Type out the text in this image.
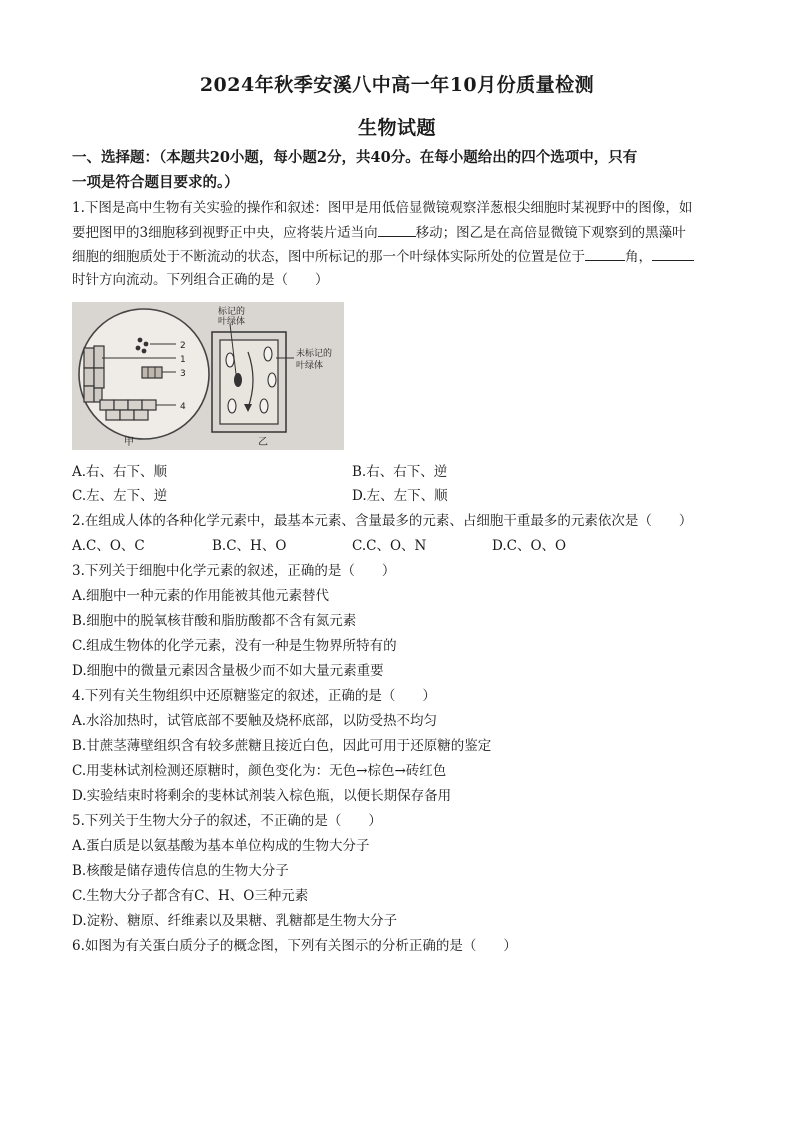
2024年秋季安溪八中高一年10月份质量检测
生物试题
一、选择题：（本题共20小题，每小题2分，共40分。在每小题给出的四个选项中，只有
一项是符合题目要求的。）
1.下图是高中生物有关实验的操作和叙述：图甲是用低倍显微镜观察洋葱根尖细胞时某视野中的图像，如
要把图甲的3细胞移到视野正中央，应将装片适当向	移动；图乙是在高倍显微镜下观察到的黑藻叶
细胞的细胞质处于不断流动的状态，图中所标记的那一个叶绿体实际所处的位置是位于	角，
时针方向流动。下列组合正确的是（　　）
2
1
3
4
甲
标记的
叶绿体
未标记的
叶绿体
乙
A.右、右下、顺	B.右、右下、逆
C.左、左下、逆	D.左、左下、顺
2.在组成人体的各种化学元素中，最基本元素、含量最多的元素、占细胞干重最多的元素依次是（　　）
A.C、O、C	B.C、H、O	C.C、O、N	D.C、O、O
3.下列关于细胞中化学元素的叙述，正确的是（　　）
A.细胞中一种元素的作用能被其他元素替代
B.细胞中的脱氧核苷酸和脂肪酸都不含有氮元素
C.组成生物体的化学元素，没有一种是生物界所特有的
D.细胞中的微量元素因含量极少而不如大量元素重要
4.下列有关生物组织中还原糖鉴定的叙述，正确的是（　　）
A.水浴加热时，试管底部不要触及烧杯底部，以防受热不均匀
B.甘蔗茎薄壁组织含有较多蔗糖且接近白色，因此可用于还原糖的鉴定
C.用斐林试剂检测还原糖时，颜色变化为：无色→棕色→砖红色
D.实验结束时将剩余的斐林试剂装入棕色瓶，以便长期保存备用
5.下列关于生物大分子的叙述，不正确的是（　　）
A.蛋白质是以氨基酸为基本单位构成的生物大分子
B.核酸是储存遗传信息的生物大分子
C.生物大分子都含有C、H、O三种元素
D.淀粉、糖原、纤维素以及果糖、乳糖都是生物大分子
6.如图为有关蛋白质分子的概念图，下列有关图示的分析正确的是（　　）
